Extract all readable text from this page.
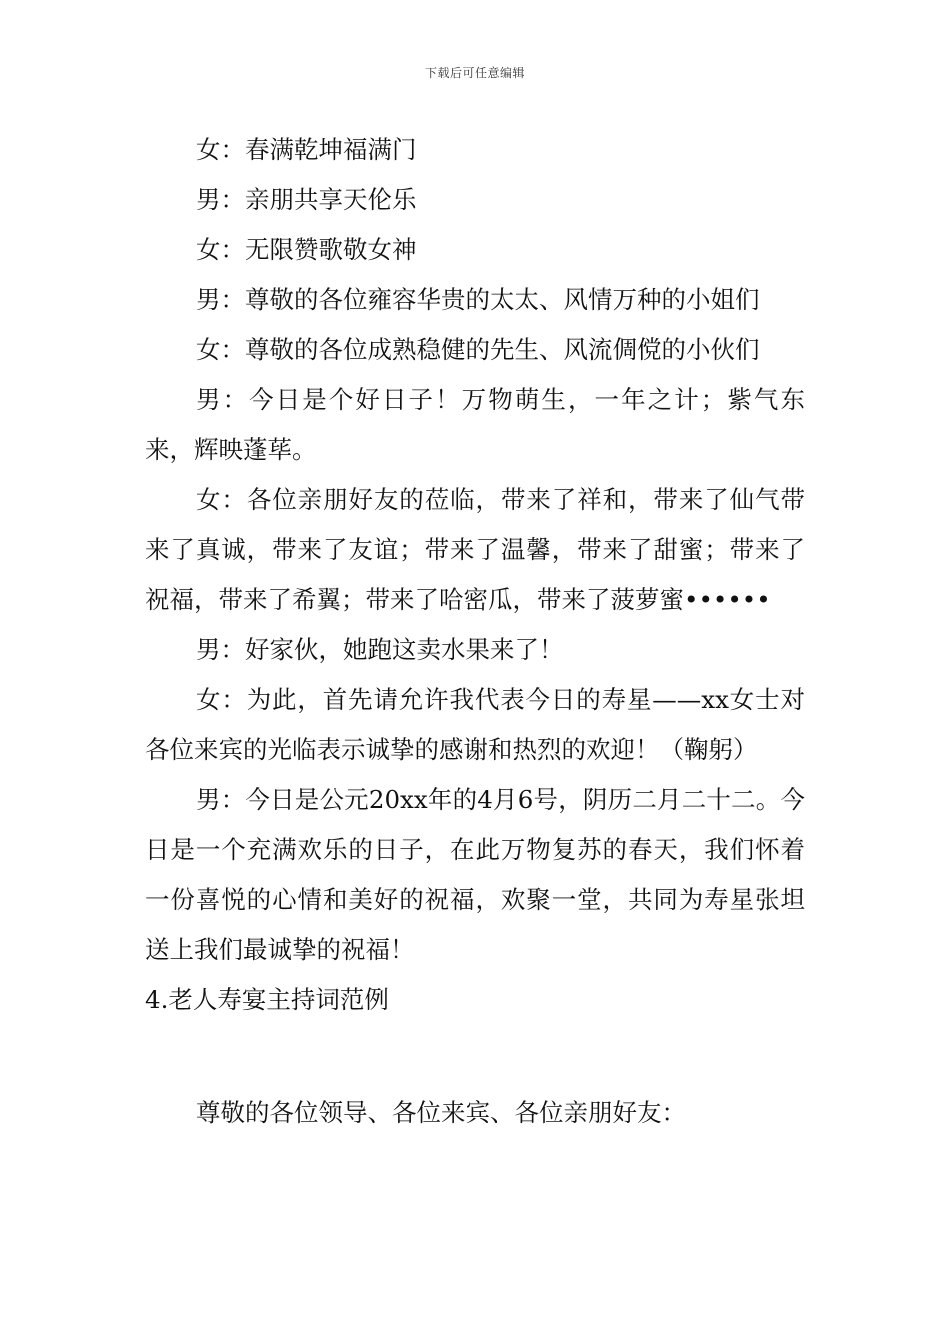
下载后可任意编辑

女：春满乾坤福满门

男：亲朋共享天伦乐

女：无限赞歌敬女神

男：尊敬的各位雍容华贵的太太、风情万种的小姐们

女：尊敬的各位成熟稳健的先生、风流倜傥的小伙们

男：今日是个好日子！万物萌生，一年之计；紫气东来，辉映蓬荜。

女：各位亲朋好友的莅临，带来了祥和，带来了仙气带来了真诚，带来了友谊；带来了温馨，带来了甜蜜；带来了祝福，带来了希翼；带来了哈密瓜，带来了菠萝蜜••••••

男：好家伙，她跑这卖水果来了！

女：为此，首先请允许我代表今日的寿星——xx女士对各位来宾的光临表示诚挚的感谢和热烈的欢迎！（鞠躬）

男：今日是公元20xx年的4月6号，阴历二月二十二。今日是一个充满欢乐的日子，在此万物复苏的春天，我们怀着一份喜悦的心情和美好的祝福，欢聚一堂，共同为寿星张坦送上我们最诚挚的祝福！

4.老人寿宴主持词范例

尊敬的各位领导、各位来宾、各位亲朋好友：
